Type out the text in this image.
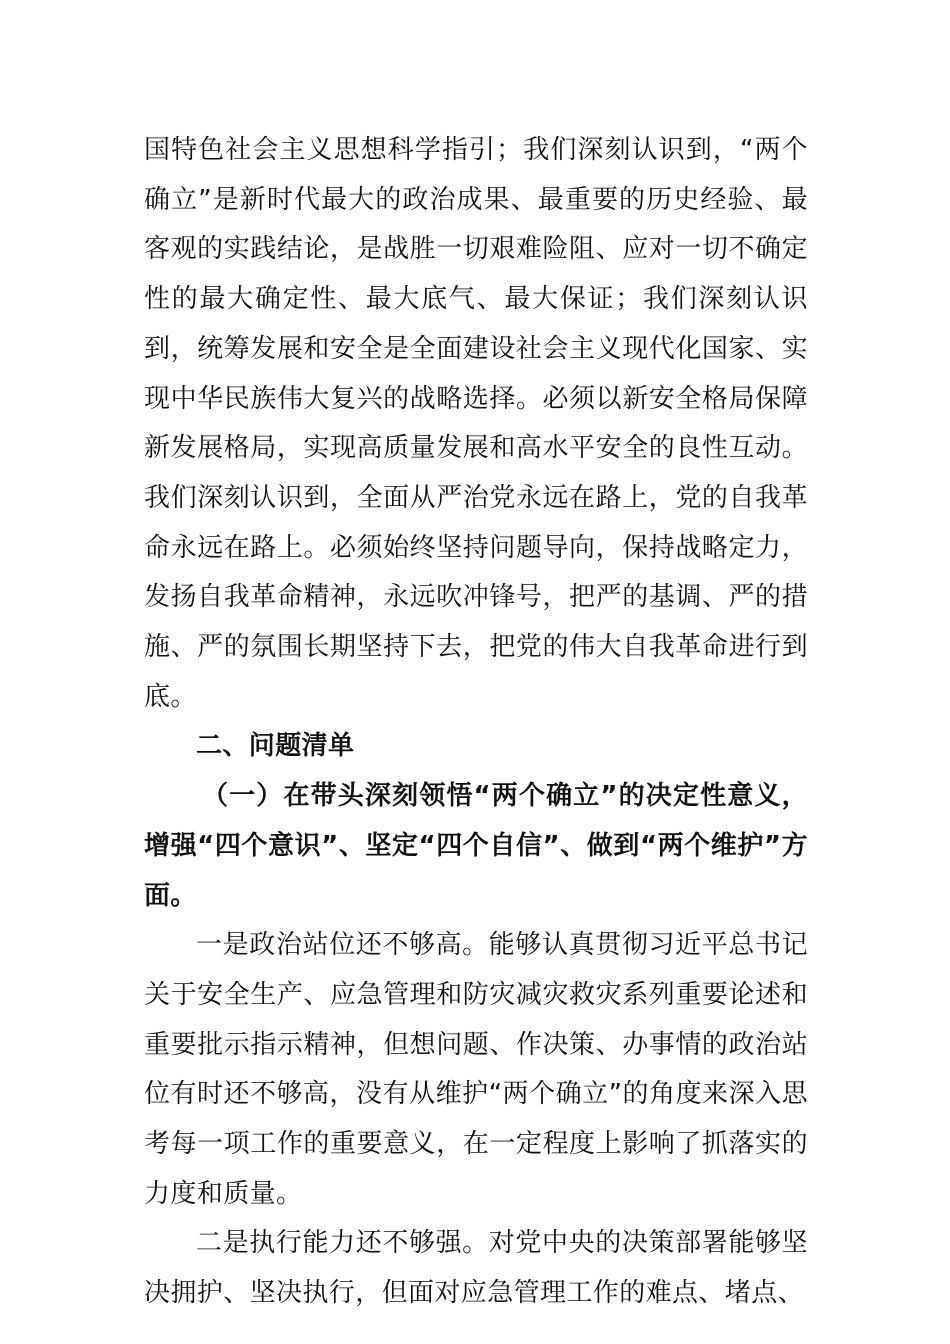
国特色社会主义思想科学指引；我们深刻认识到，“两个确立”是新时代最大的政治成果、最重要的历史经验、最客观的实践结论，是战胜一切艰难险阻、应对一切不确定性的最大确定性、最大底气、最大保证；我们深刻认识到，统筹发展和安全是全面建设社会主义现代化国家、实现中华民族伟大复兴的战略选择。必须以新安全格局保障新发展格局，实现高质量发展和高水平安全的良性互动。我们深刻认识到，全面从严治党永远在路上，党的自我革命永远在路上。必须始终坚持问题导向，保持战略定力，发扬自我革命精神，永远吹冲锋号，把严的基调、严的措施、严的氛围长期坚持下去，把党的伟大自我革命进行到底。

二、问题清单

（一）在带头深刻领悟“两个确立”的决定性意义，增强“四个意识”、坚定“四个自信”、做到“两个维护”方面。

一是政治站位还不够高。能够认真贯彻习近平总书记关于安全生产、应急管理和防灾减灾救灾系列重要论述和重要批示指示精神，但想问题、作决策、办事情的政治站位有时还不够高，没有从维护“两个确立”的角度来深入思考每一项工作的重要意义，在一定程度上影响了抓落实的力度和质量。

二是执行能力还不够强。对党中央的决策部署能够坚决拥护、坚决执行，但面对应急管理工作的难点、堵点、
